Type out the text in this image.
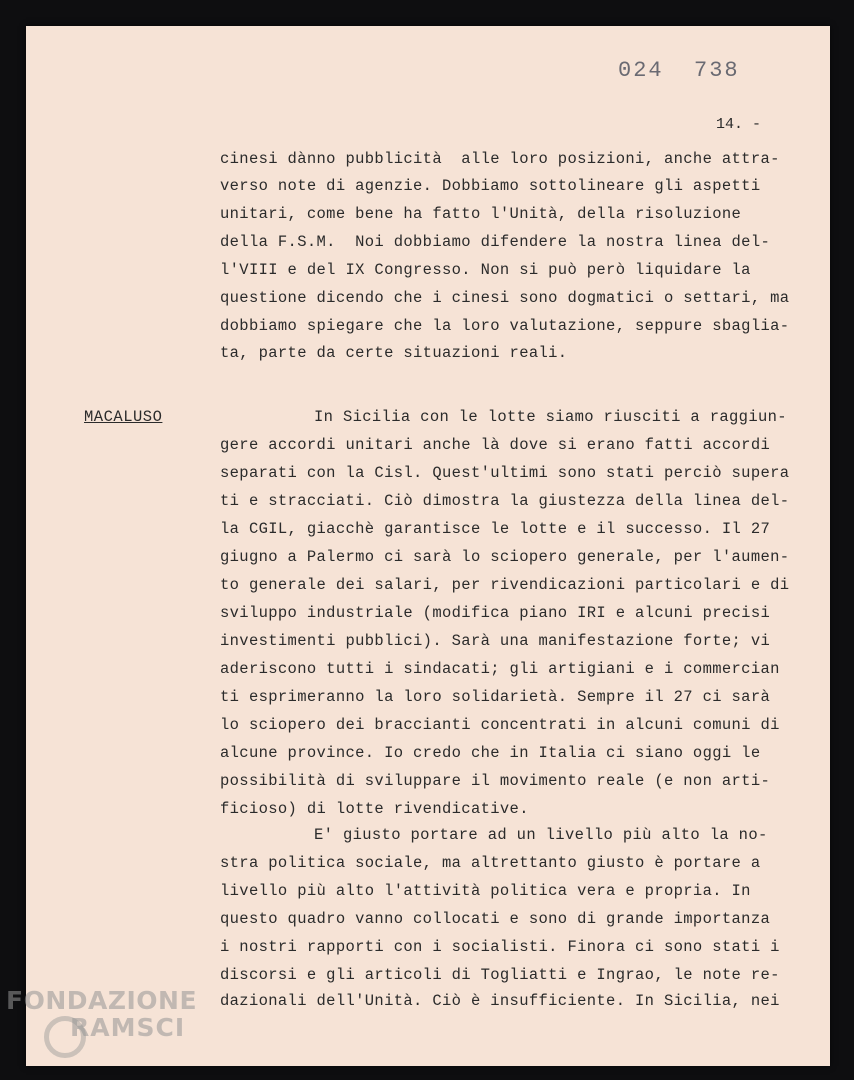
024  738
14. -
cinesi dànno pubblicità  alle loro posizioni, anche attra-
verso note di agenzie. Dobbiamo sottolineare gli aspetti
unitari, come bene ha fatto l'Unità, della risoluzione
della F.S.M.  Noi dobbiamo difendere la nostra linea del-
l'VIII e del IX Congresso. Non si può però liquidare la
questione dicendo che i cinesi sono dogmatici o settari, ma
dobbiamo spiegare che la loro valutazione, seppure sbaglia-
ta, parte da certe situazioni reali.
MACALUSO	In Sicilia con le lotte siamo riusciti a raggiun-
gere accordi unitari anche là dove si erano fatti accordi
separati con la Cisl. Quest'ultimi sono stati perciò supera
ti e stracciati. Ciò dimostra la giustezza della linea del-
la CGIL, giacchè garantisce le lotte e il successo. Il 27
giugno a Palermo ci sarà lo sciopero generale, per l'aumen-
to generale dei salari, per rivendicazioni particolari e di
sviluppo industriale (modifica piano IRI e alcuni precisi
investimenti pubblici). Sarà una manifestazione forte; vi
aderiscono tutti i sindacati; gli artigiani e i commercian
ti esprimeranno la loro solidarietà. Sempre il 27 ci sarà
lo sciopero dei braccianti concentrati in alcuni comuni di
alcune province. Io credo che in Italia ci siano oggi le
possibilità di sviluppare il movimento reale (e non arti-
ficioso) di lotte rivendicative.
E' giusto portare ad un livello più alto la no-
stra politica sociale, ma altrettanto giusto è portare a
livello più alto l'attività politica vera e propria. In
questo quadro vanno collocati e sono di grande importanza
i nostri rapporti con i socialisti. Finora ci sono stati i
discorsi e gli articoli di Togliatti e Ingrao, le note re-
dazionali dell'Unità. Ciò è insufficiente. In Sicilia, nei
FONDAZIONE
RAMSCI
